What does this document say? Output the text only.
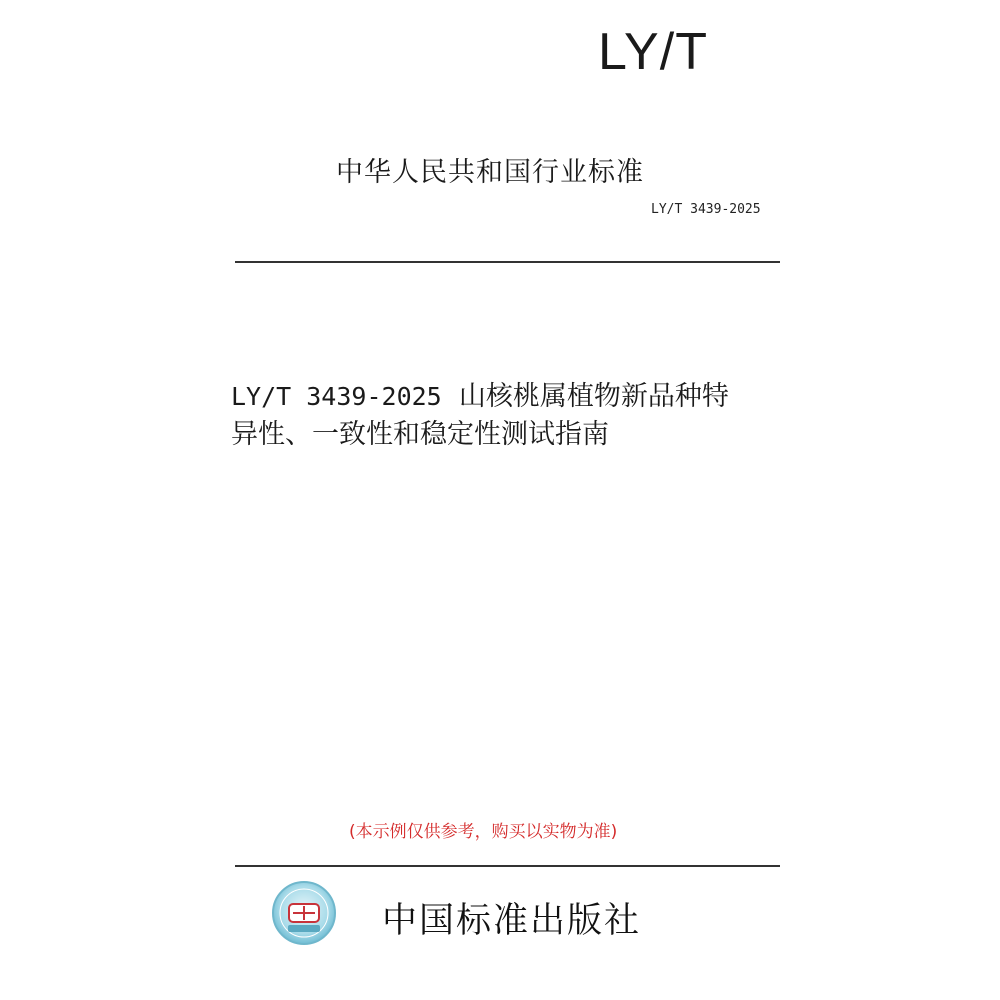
LY/T
中华人民共和国行业标准
LY/T 3439-2025
LY/T 3439-2025 山核桃属植物新品种特
异性、一致性和稳定性测试指南
(本示例仅供参考，购买以实物为准)
中国标准出版社
